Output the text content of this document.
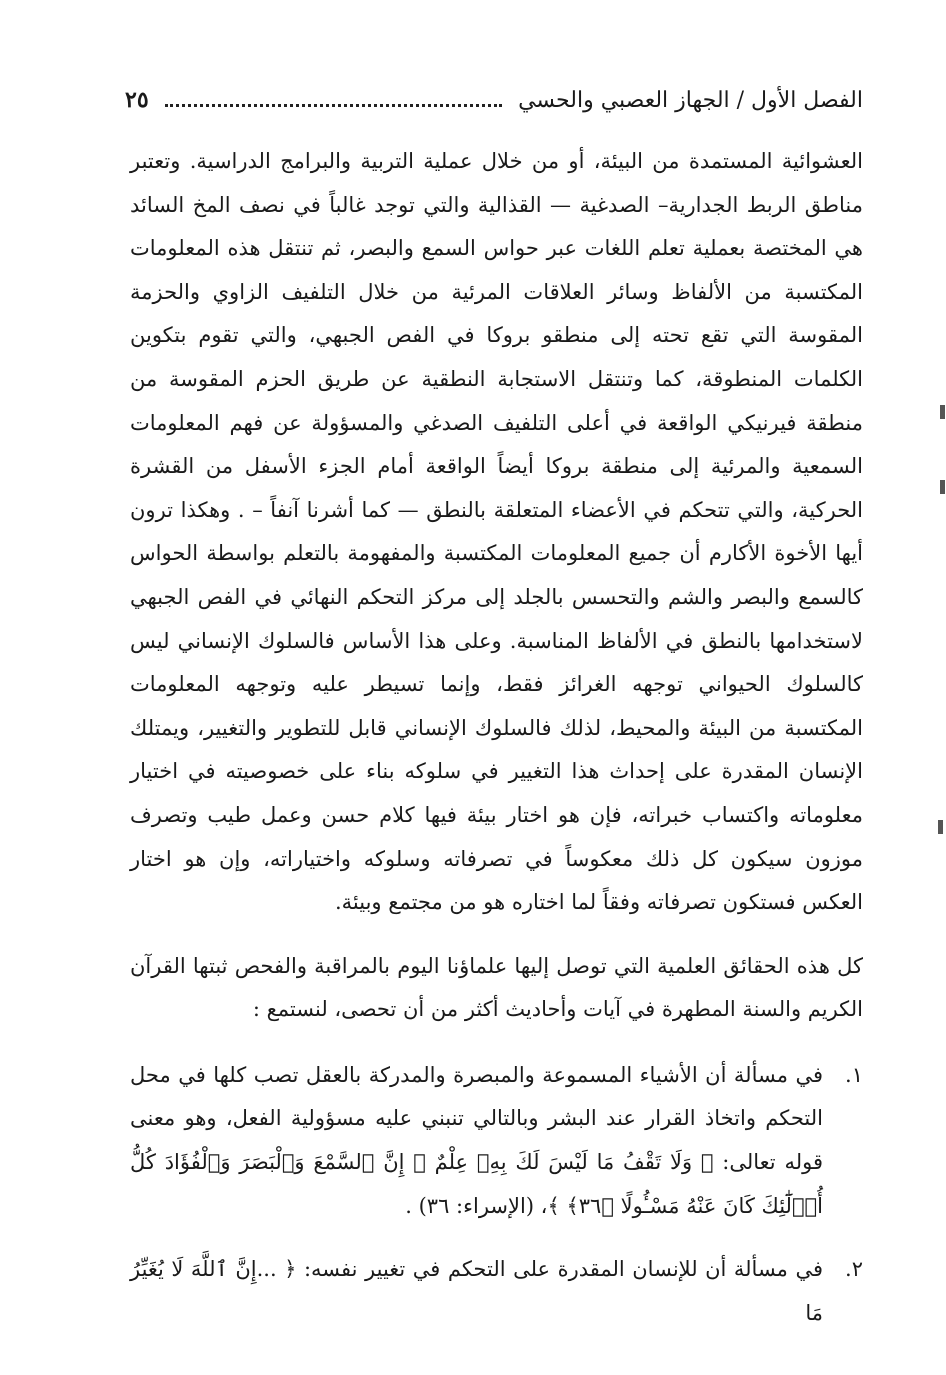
الفصل الأول / الجهاز العصبي والحسي
٢٥

العشوائية المستمدة من البيئة، أو من خلال عملية التربية والبرامج الدراسية. وتعتبر مناطق الربط الجدارية– الصدغية — القذالية والتي توجد غالباً في نصف المخ السائد هي المختصة بعملية تعلم اللغات عبر حواس السمع والبصر، ثم تنتقل هذه المعلومات المكتسبة من الألفاظ وسائر العلاقات المرئية من خلال التلفيف الزاوي والحزمة المقوسة التي تقع تحته إلى منطقو بروكا في الفص الجبهي، والتي تقوم بتكوين الكلمات المنطوقة، كما وتنتقل الاستجابة النطقية عن طريق الحزم المقوسة من منطقة فيرنيكي الواقعة في أعلى التلفيف الصدغي والمسؤولة عن فهم المعلومات السمعية والمرئية إلى منطقة بروكا أيضاً الواقعة أمام الجزء الأسفل من القشرة الحركية، والتي تتحكم في الأعضاء المتعلقة بالنطق — كما أشرنا آنفاً – . وهكذا ترون أيها الأخوة الأكارم أن جميع المعلومات المكتسبة والمفهومة بالتعلم بواسطة الحواس كالسمع والبصر والشم والتحسس بالجلد إلى مركز التحكم النهائي في الفص الجبهي لاستخدامها بالنطق في الألفاظ المناسبة. وعلى هذا الأساس فالسلوك الإنساني ليس كالسلوك الحيواني توجهه الغرائز فقط، وإنما تسيطر عليه وتوجهه المعلومات المكتسبة من البيئة والمحيط، لذلك فالسلوك الإنساني قابل للتطوير والتغيير، ويمتلك الإنسان المقدرة على إحداث هذا التغيير في سلوكه بناء على خصوصيته في اختيار معلوماته واكتساب خبراته، فإن هو اختار بيئة فيها كلام حسن وعمل طيب وتصرف موزون سيكون كل ذلك معكوساً في تصرفاته وسلوكه واختياراته، وإن هو اختار العكس فستكون تصرفاته وفقاً لما اختاره هو من مجتمع وبيئة.

كل هذه الحقائق العلمية التي توصل إليها علماؤنا اليوم بالمراقبة والفحص ثبتها القرآن الكريم والسنة المطهرة في آيات وأحاديث أكثر من أن تحصى، لنستمع :

١.
في مسألة أن الأشياء المسموعة والمبصرة والمدركة بالعقل تصب كلها في محل التحكم واتخاذ القرار عند البشر وبالتالي تنبني عليه مسؤولية الفعل، وهو معنى قوله تعالى: ﴿ وَلَا تَقْفُ مَا لَيْسَ لَكَ بِهِۦ عِلْمٌ ۚ إِنَّ ٱلسَّمْعَ وَٱلْبَصَرَ وَٱلْفُؤَادَ كُلُّ أُو۟لَٰٓئِكَ كَانَ عَنْهُ مَسْـُٔولًا ﴿٣٦﴾ ﴾، (الإسراء: ٣٦) .
٢.
في مسألة أن للإنسان المقدرة على التحكم في تغيير نفسه: ﴿ ...إِنَّ ٱللَّهَ لَا يُغَيِّرُ مَا
